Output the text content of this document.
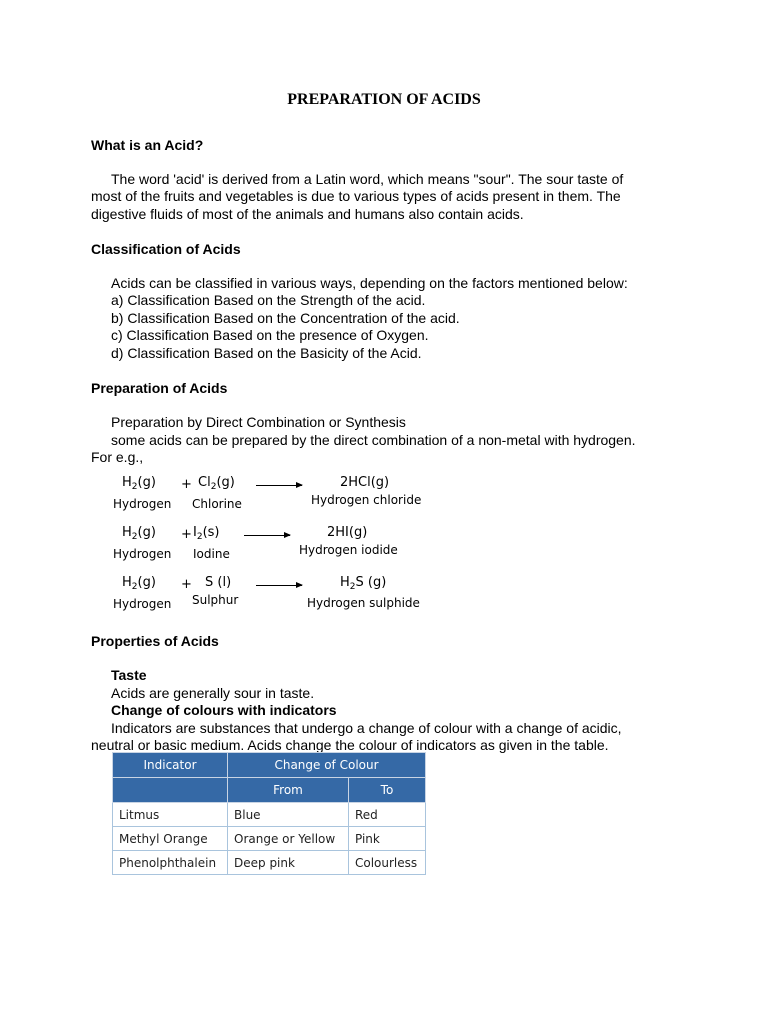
PREPARATION OF ACIDS
What is an Acid?
The word 'acid' is derived from a Latin word, which means "sour". The sour taste of
most of the fruits and vegetables is due to various types of acids present in them. The
digestive fluids of most of the animals and humans also contain acids.
Classification of Acids
Acids can be classified in various ways, depending on the factors mentioned below:
a) Classification Based on the Strength of the acid.
b) Classification Based on the Concentration of the acid.
c) Classification Based on the presence of Oxygen.
d) Classification Based on the Basicity of the Acid.
Preparation of Acids
Preparation by Direct Combination or Synthesis
some acids can be prepared by the direct combination of a non-metal with hydrogen.
For e.g.,
$H_2(g) + Cl_2(g)$ →	2HCl(g)
Hydrogen Chlorine	Hydrogen chloride
$H_2(g) + I_2(s)$	2HI(g)
Hydrogen Iodine	Hydrogen iodide
$H_2(g) + S$ (l)	$H_2S$ (g)
Hydrogen Sulphur	Hydrogen sulphide
Properties of Acids
Taste
Acids are generally sour in taste.
Change of colours with indicators
Indicators are substances that undergo a change of colour with a change of acidic,
neutral or basic medium. Acids change the colour of indicators as given in the table.
Indicator	Change of Colour	
	From	To
Litmus	Blue	Red
Methyl Orange	Orange or Yellow	Pink
Phenolphthalein	Deep pink	Colourless
